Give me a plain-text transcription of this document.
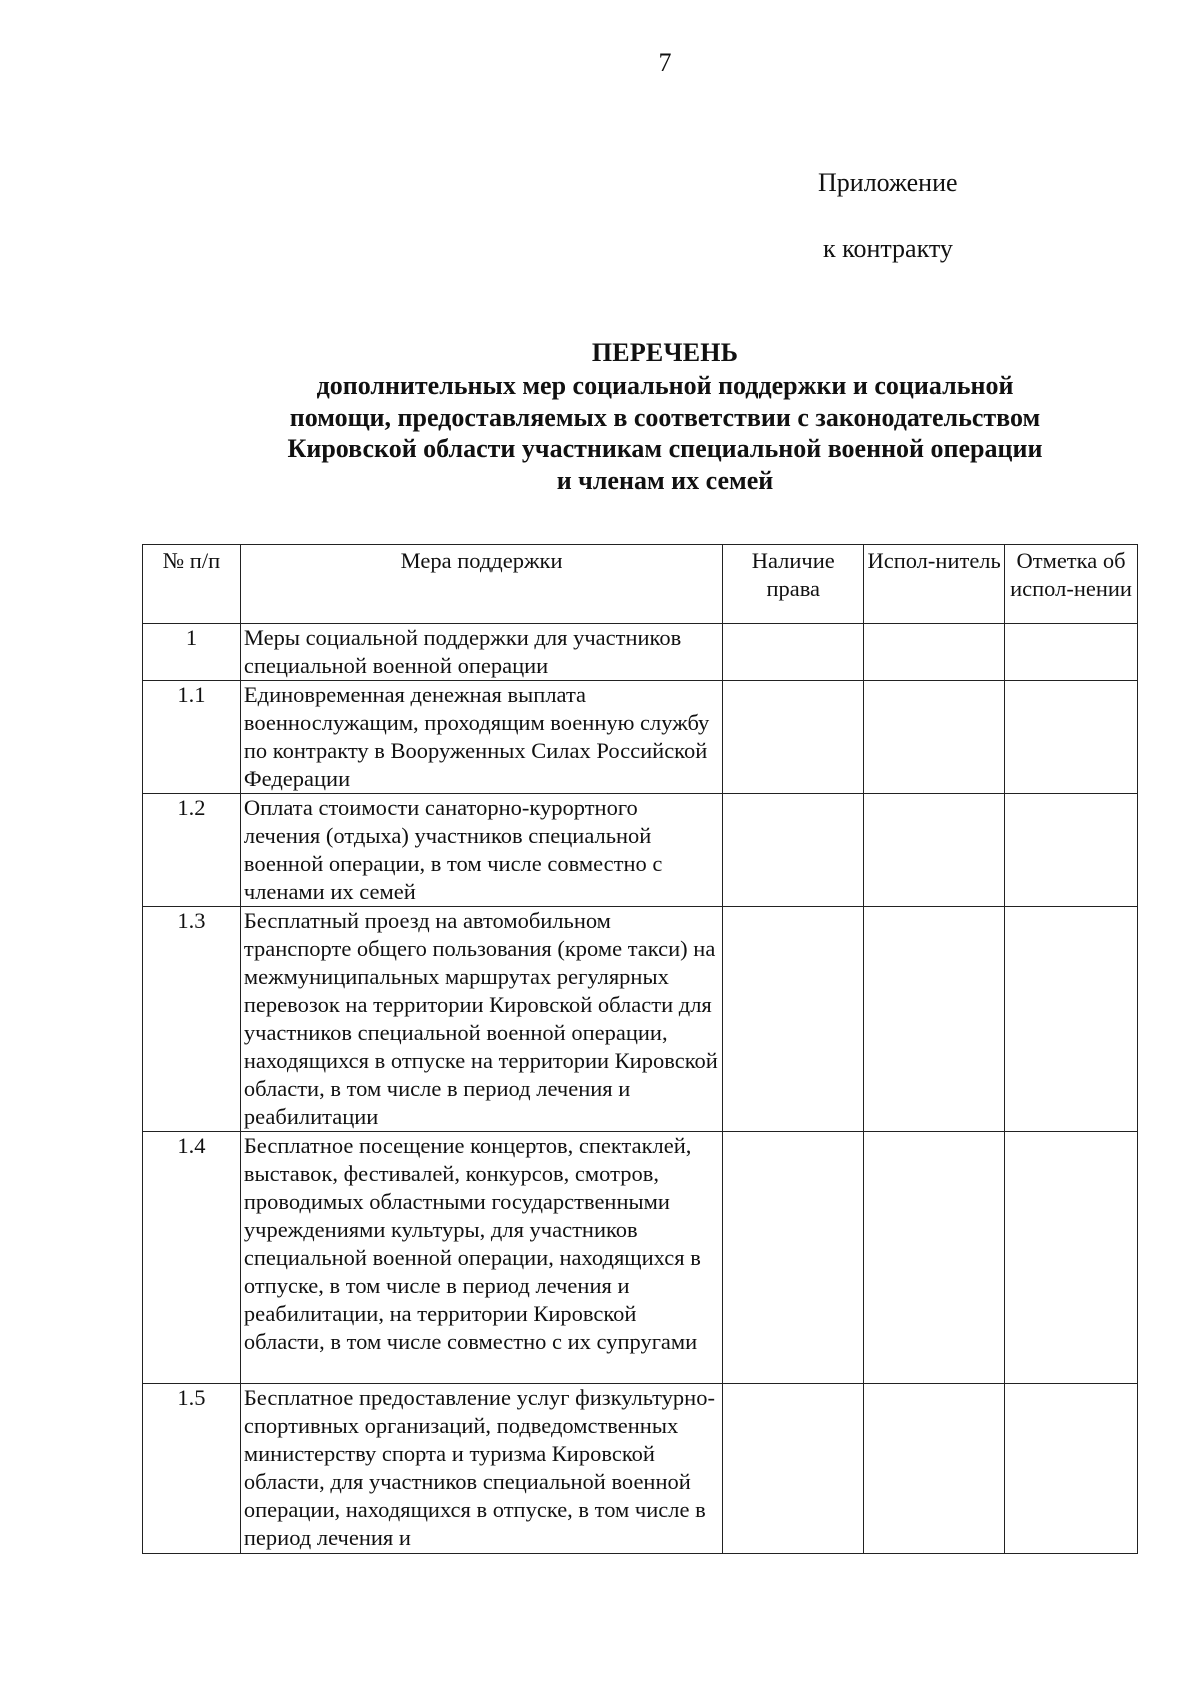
7
Приложение
к контракту
ПЕРЕЧЕНЬ
дополнительных мер социальной поддержки и социальной
помощи, предоставляемых в соответствии с законодательством
Кировской области участникам специальной военной операции
и членам их семей
№ п/п	Мера поддержки	Наличие права	Испол-нитель	Отметка об испол-нении
1	Меры социальной поддержки для участников специальной военной операции			
1.1	Единовременная денежная выплата военнослужащим, проходящим военную службу по контракту в Вооруженных Силах Российской Федерации			
1.2	Оплата стоимости санаторно-курортного лечения (отдыха) участников специальной военной операции, в том числе совместно с членами их семей			
1.3	Бесплатный проезд на автомобильном транспорте общего пользования (кроме такси) на межмуниципальных маршрутах регулярных перевозок на территории Кировской области для участников специальной военной операции, находящихся в отпуске на территории Кировской области, в том числе в период лечения и реабилитации			
1.4	Бесплатное посещение концертов, спектаклей, выставок, фестивалей, конкурсов, смотров, проводимых областными государственными учреждениями культуры, для участников специальной военной операции, находящихся в отпуске, в том числе в период лечения и реабилитации, на территории Кировской области, в том числе совместно с их супругами			
1.5	Бесплатное предоставление услуг физкультурно-спортивных организаций, подведомственных министерству спорта и туризма Кировской области, для участников специальной военной операции, находящихся в отпуске, в том числе в период лечения и			
